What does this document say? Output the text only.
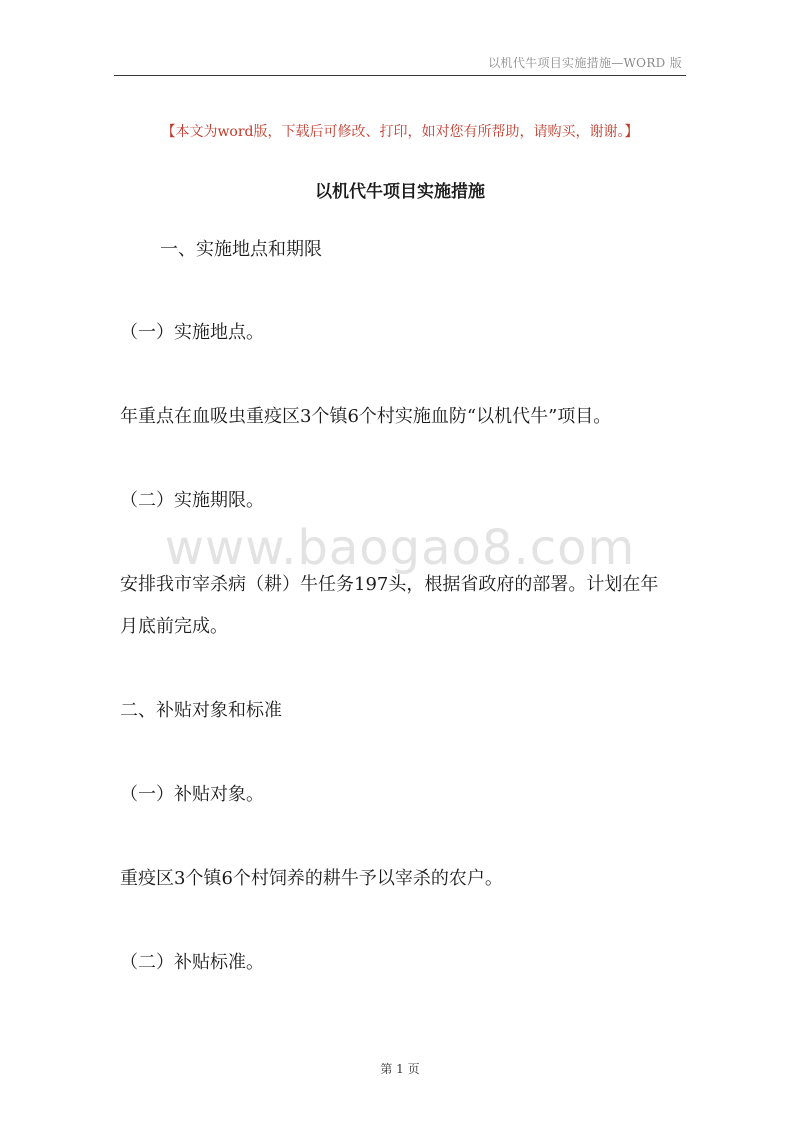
以机代牛项目实施措施—WORD 版
【本文为word版，下载后可修改、打印，如对您有所帮助，请购买，谢谢。】
以机代牛项目实施措施
www.baogao8.com
一、实施地点和期限
（一）实施地点。
年重点在血吸虫重疫区3个镇6个村实施血防“以机代牛”项目。
（二）实施期限。
安排我市宰杀病（耕）牛任务197头，根据省政府的部署。计划在年
月底前完成。
二、补贴对象和标准
（一）补贴对象。
重疫区3个镇6个村饲养的耕牛予以宰杀的农户。
（二）补贴标准。
第 1 页
